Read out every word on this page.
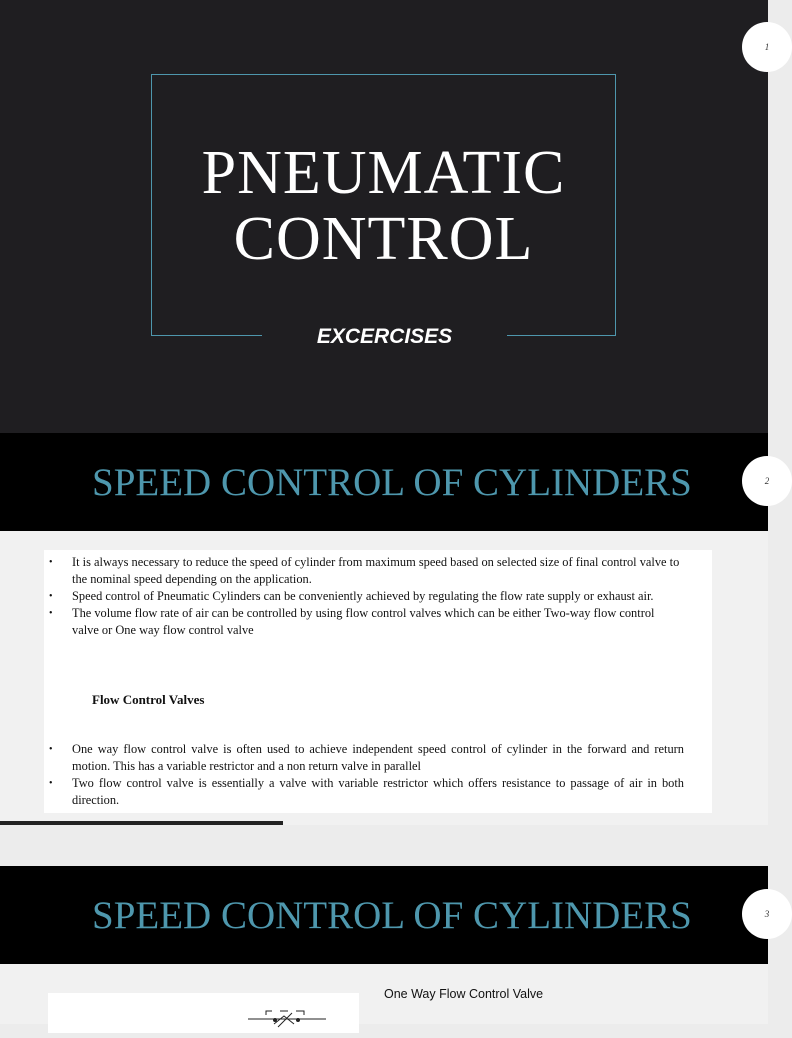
PNEUMATIC
CONTROL
EXCERCISES
1
SPEED CONTROL OF CYLINDERS	2
• It is always necessary to reduce the speed of cylinder from maximum speed based on selected size of final control valve to the nominal speed depending on the application.
• Speed control of Pneumatic Cylinders can be conveniently achieved by regulating the flow rate supply or exhaust air.
• The volume flow rate of air can be controlled by using flow control valves which can be either Two-way flow control valve or One way flow control valve
Flow Control Valves
• One way flow control valve is often used to achieve independent speed control of cylinder in the forward and return motion. This has a variable restrictor and a non return valve in parallel
• Two flow control valve is essentially a valve with variable restrictor which offers resistance to passage of air in both direction.
SPEED CONTROL OF CYLINDERS	3
One Way Flow Control Valve
